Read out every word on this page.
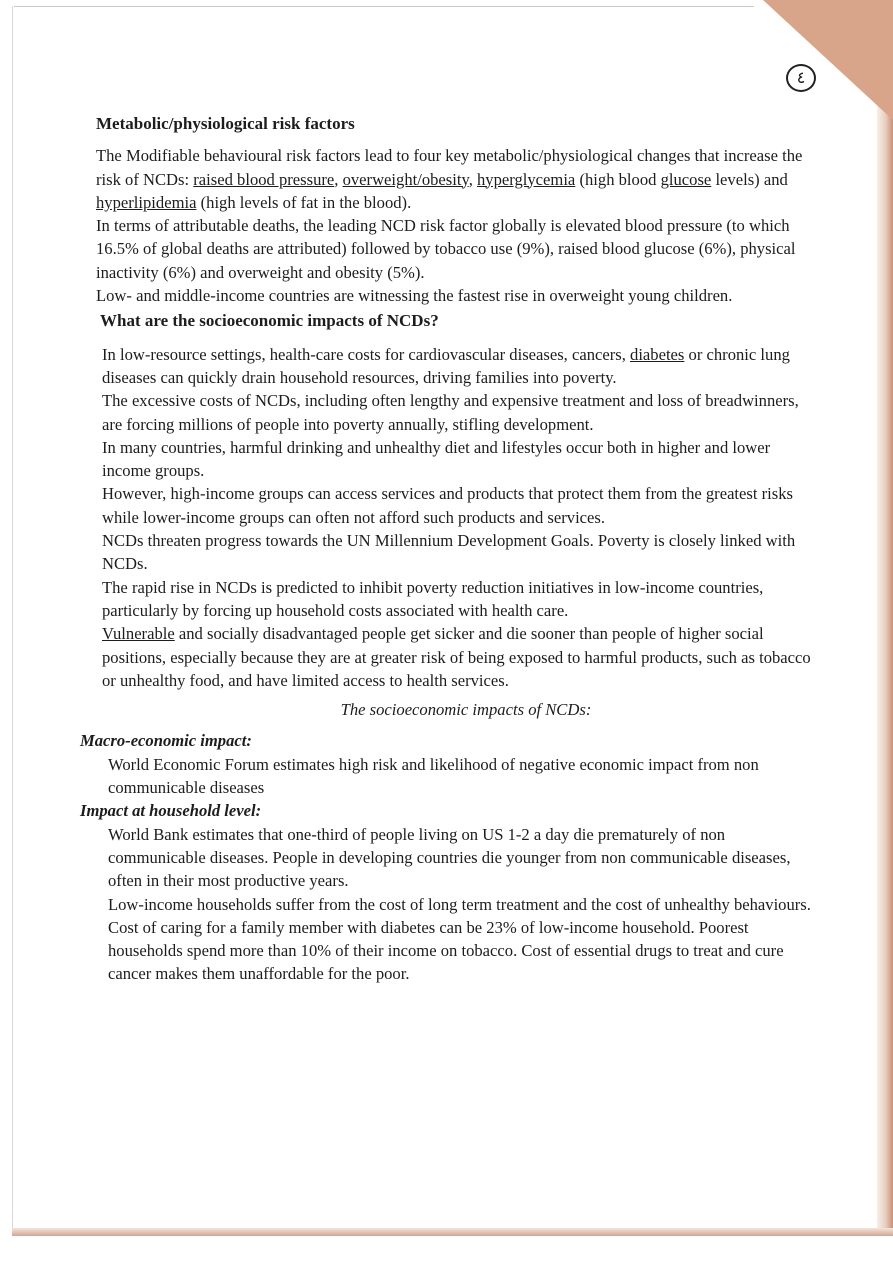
٤

Metabolic/physiological risk factors

The Modifiable behavioural risk factors lead to four key metabolic/physiological changes that increase the risk of NCDs: raised blood pressure, overweight/obesity, hyperglycemia (high blood glucose levels) and hyperlipidemia (high levels of fat in the blood).

In terms of attributable deaths, the leading NCD risk factor globally is elevated blood pressure (to which 16.5% of global deaths are attributed) followed by tobacco use (9%), raised blood glucose (6%), physical inactivity (6%) and overweight and obesity (5%).

Low- and middle-income countries are witnessing the fastest rise in overweight young children.

What are the socioeconomic impacts of NCDs?

In low-resource settings, health-care costs for cardiovascular diseases, cancers, diabetes or chronic lung diseases can quickly drain household resources, driving families into poverty.

The excessive costs of NCDs, including often lengthy and expensive treatment and loss of breadwinners, are forcing millions of people into poverty annually, stifling development.

In many countries, harmful drinking and unhealthy diet and lifestyles occur both in higher and lower income groups.

However, high-income groups can access services and products that protect them from the greatest risks while lower-income groups can often not afford such products and services.

NCDs threaten progress towards the UN Millennium Development Goals. Poverty is closely linked with NCDs.

The rapid rise in NCDs is predicted to inhibit poverty reduction initiatives in low-income countries, particularly by forcing up household costs associated with health care.

Vulnerable and socially disadvantaged people get sicker and die sooner than people of higher social positions, especially because they are at greater risk of being exposed to harmful products, such as tobacco or unhealthy food, and have limited access to health services.

The socioeconomic impacts of NCDs:

Macro-economic impact:

World Economic Forum estimates high risk and likelihood of negative economic impact from non communicable diseases

Impact at household level:

World Bank estimates that one-third of people living on US 1-2 a day die prematurely of non communicable diseases. People in developing countries die younger from non communicable diseases, often in their most productive years.

Low-income households suffer from the cost of long term treatment and the cost of unhealthy behaviours. Cost of caring for a family member with diabetes can be 23% of low-income household. Poorest households spend more than 10% of their income on tobacco. Cost of essential drugs to treat and cure cancer makes them unaffordable for the poor.
